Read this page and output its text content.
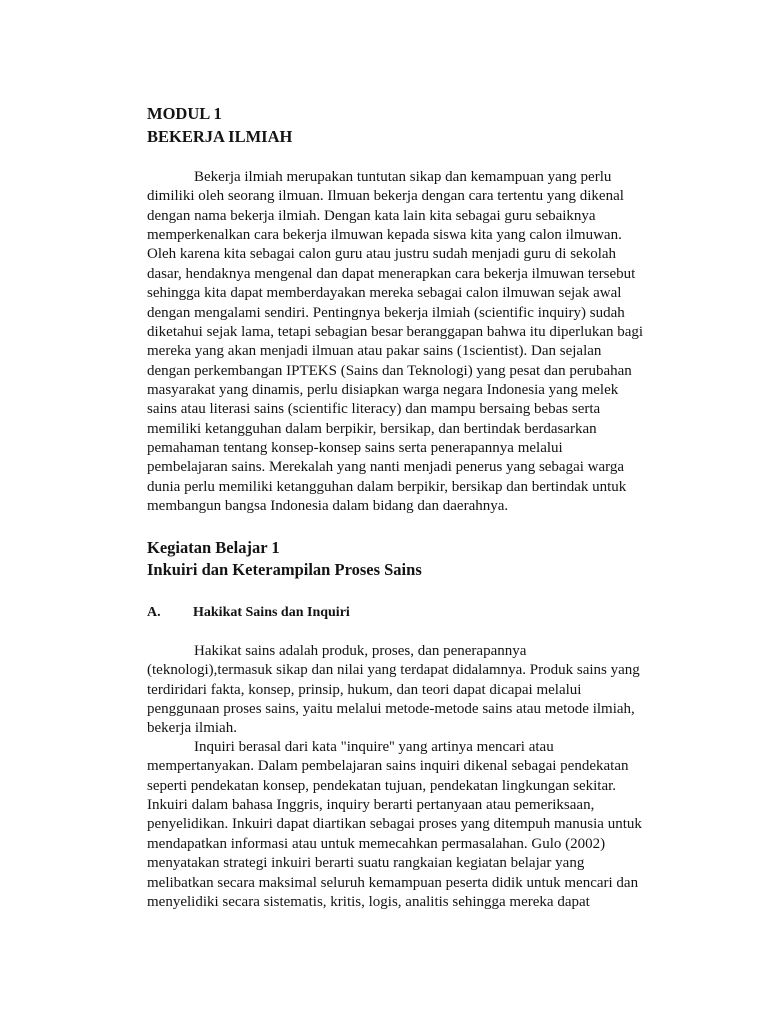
MODUL 1
BEKERJA ILMIAH
Bekerja ilmiah merupakan tuntutan sikap dan kemampuan yang perlu
dimiliki oleh seorang ilmuan. Ilmuan bekerja dengan cara tertentu yang dikenal
dengan nama bekerja ilmiah. Dengan kata lain kita sebagai guru sebaiknya
memperkenalkan cara bekerja ilmuwan kepada siswa kita yang calon ilmuwan.
Oleh karena kita sebagai calon guru atau justru sudah menjadi guru di sekolah
dasar, hendaknya mengenal dan dapat menerapkan cara bekerja ilmuwan tersebut
sehingga kita dapat memberdayakan mereka sebagai calon ilmuwan sejak awal
dengan mengalami sendiri. Pentingnya bekerja ilmiah (scientific inquiry) sudah
diketahui sejak lama, tetapi sebagian besar beranggapan bahwa itu diperlukan bagi
mereka yang akan menjadi ilmuan atau pakar sains (1scientist). Dan sejalan
dengan perkembangan IPTEKS (Sains dan Teknologi) yang pesat dan perubahan
masyarakat yang dinamis, perlu disiapkan warga negara Indonesia yang melek
sains atau literasi sains (scientific literacy) dan mampu bersaing bebas serta
memiliki ketangguhan dalam berpikir, bersikap, dan bertindak berdasarkan
pemahaman tentang konsep-konsep sains serta penerapannya melalui
pembelajaran sains. Merekalah yang nanti menjadi penerus yang sebagai warga
dunia perlu memiliki ketangguhan dalam berpikir, bersikap dan bertindak untuk
membangun bangsa Indonesia dalam bidang dan daerahnya.
Kegiatan Belajar 1
Inkuiri dan Keterampilan Proses Sains
A. Hakikat Sains dan Inquiri
Hakikat sains adalah produk, proses, dan penerapannya
(teknologi),termasuk sikap dan nilai yang terdapat didalamnya. Produk sains yang
terdiridari fakta, konsep, prinsip, hukum, dan teori dapat dicapai melalui
penggunaan proses sains, yaitu melalui metode-metode sains atau metode ilmiah,
bekerja ilmiah.
Inquiri berasal dari kata "inquire'' yang artinya mencari atau
mempertanyakan. Dalam pembelajaran sains inquiri dikenal sebagai pendekatan
seperti pendekatan konsep, pendekatan tujuan, pendekatan lingkungan sekitar.
Inkuiri dalam bahasa Inggris, inquiry berarti pertanyaan atau pemeriksaan,
penyelidikan. Inkuiri dapat diartikan sebagai proses yang ditempuh manusia untuk
mendapatkan informasi atau untuk memecahkan permasalahan. Gulo (2002)
menyatakan strategi inkuiri berarti suatu rangkaian kegiatan belajar yang
melibatkan secara maksimal seluruh kemampuan peserta didik untuk mencari dan
menyelidiki secara sistematis, kritis, logis, analitis sehingga mereka dapat
